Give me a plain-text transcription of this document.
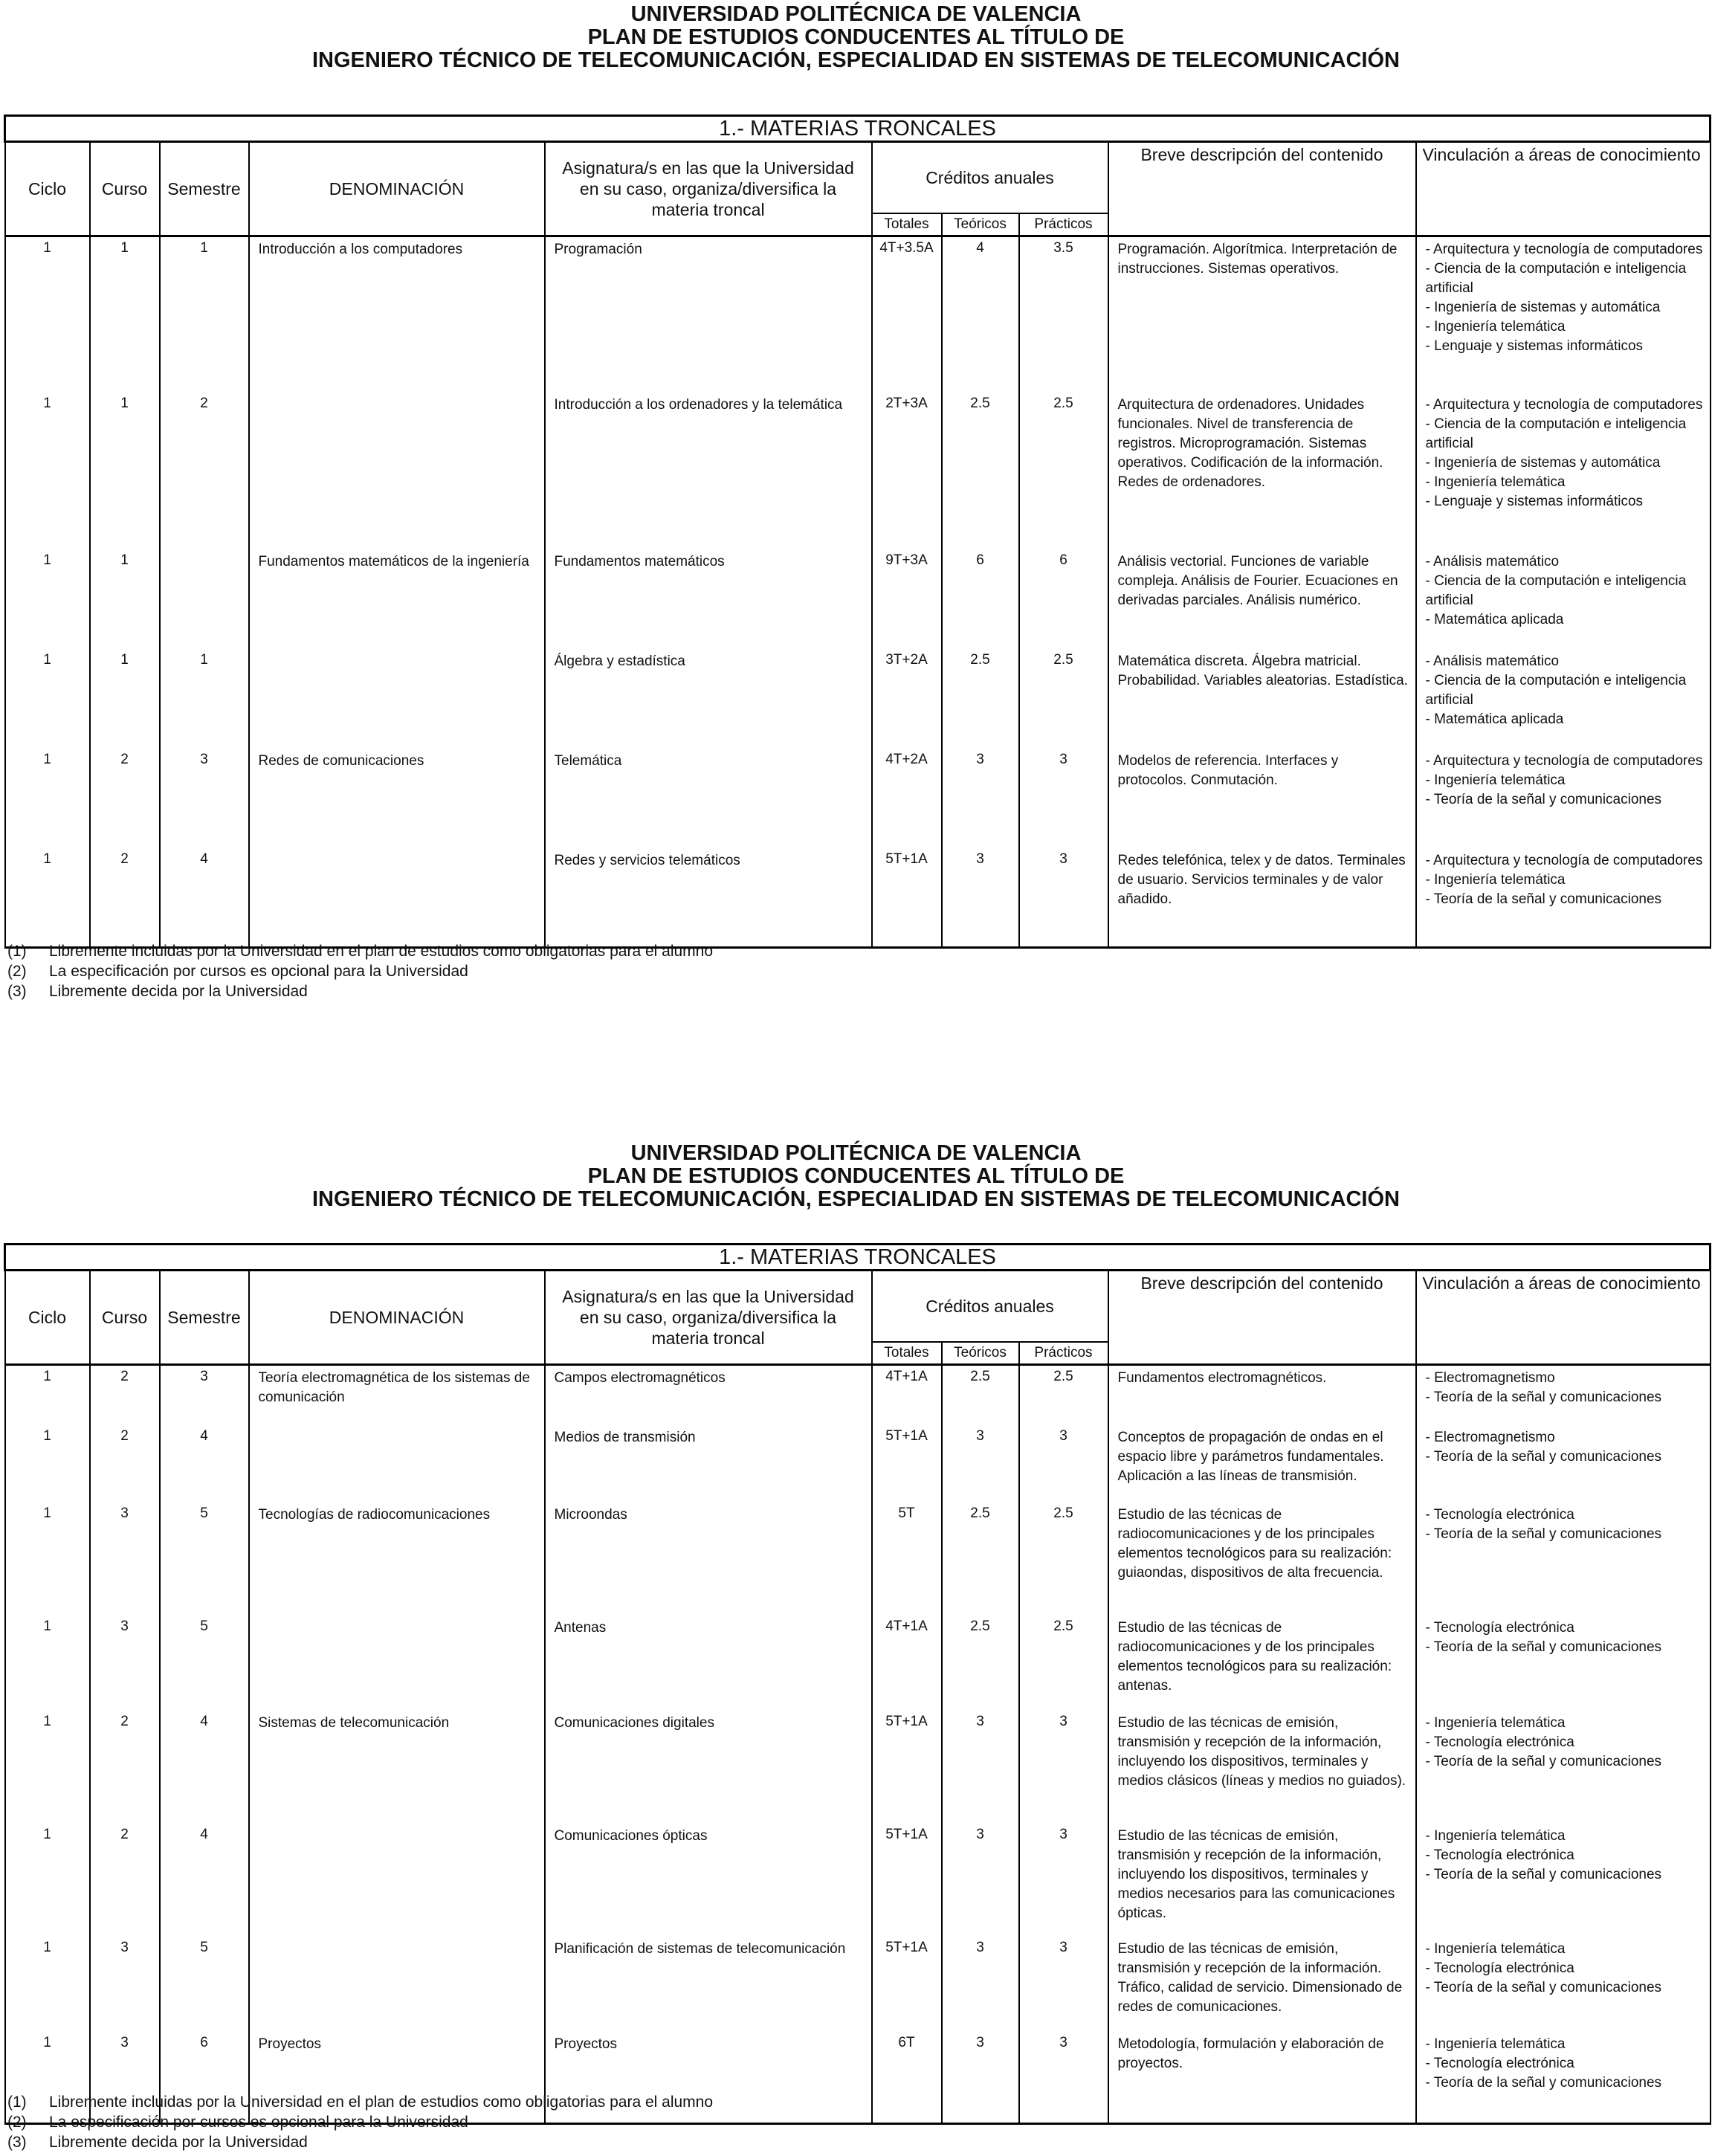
UNIVERSIDAD POLITÉCNICA DE VALENCIA
PLAN DE ESTUDIOS CONDUCENTES AL TÍTULO DE
INGENIERO TÉCNICO DE TELECOMUNICACIÓN, ESPECIALIDAD EN SISTEMAS DE TELECOMUNICACIÓN
1.- MATERIAS TRONCALES									
Ciclo	Curso	Semestre	DENOMINACIÓN	Asignatura/s en las que la Universidad en su caso, organiza/diversifica la materia troncal	Créditos anuales			Breve descripción del contenido	Vinculación a áreas de conocimiento
					Totales	Teóricos	Prácticos		
1	1	1	Introducción a los computadores	Programación	4T+3.5A	4	3.5	Programación. Algorítmica. Interpretación de instrucciones. Sistemas operativos.	- Arquitectura y tecnología de computadores
- Ciencia de la computación e inteligencia artificial
- Ingeniería de sistemas y automática
- Ingeniería telemática
- Lenguaje y sistemas informáticos
1	1	2		Introducción a los ordenadores y la telemática	2T+3A	2.5	2.5	Arquitectura de ordenadores. Unidades funcionales. Nivel de transferencia de registros. Microprogramación. Sistemas operativos. Codificación de la información. Redes de ordenadores.	- Arquitectura y tecnología de computadores
- Ciencia de la computación e inteligencia artificial
- Ingeniería de sistemas y automática
- Ingeniería telemática
- Lenguaje y sistemas informáticos
1	1		Fundamentos matemáticos de la ingeniería	Fundamentos matemáticos	9T+3A	6	6	Análisis vectorial. Funciones de variable compleja. Análisis de Fourier. Ecuaciones en derivadas parciales. Análisis numérico.	- Análisis matemático
- Ciencia de la computación e inteligencia artificial
- Matemática aplicada
1	1	1		Álgebra y estadística	3T+2A	2.5	2.5	Matemática discreta. Álgebra matricial. Probabilidad. Variables aleatorias. Estadística.	- Análisis matemático
- Ciencia de la computación e inteligencia artificial
- Matemática aplicada
1	2	3	Redes de comunicaciones	Telemática	4T+2A	3	3	Modelos de referencia. Interfaces y protocolos. Conmutación.	- Arquitectura y tecnología de computadores
- Ingeniería telemática
- Teoría de la señal y comunicaciones
1	2	4		Redes y servicios telemáticos	5T+1A	3	3	Redes telefónica, telex y de datos. Terminales de usuario. Servicios terminales y de valor añadido.	- Arquitectura y tecnología de computadores
- Ingeniería telemática
- Teoría de la señal y comunicaciones
(1) Libremente incluidas por la Universidad en el plan de estudios como obligatorias para el alumno
(2) La especificación por cursos es opcional para la Universidad
(3) Libremente decida por la Universidad
UNIVERSIDAD POLITÉCNICA DE VALENCIA
PLAN DE ESTUDIOS CONDUCENTES AL TÍTULO DE
INGENIERO TÉCNICO DE TELECOMUNICACIÓN, ESPECIALIDAD EN SISTEMAS DE TELECOMUNICACIÓN
1.- MATERIAS TRONCALES									
Ciclo	Curso	Semestre	DENOMINACIÓN	Asignatura/s en las que la Universidad en su caso, organiza/diversifica la materia troncal	Créditos anuales			Breve descripción del contenido	Vinculación a áreas de conocimiento
					Totales	Teóricos	Prácticos		
1	2	3	Teoría electromagnética de los sistemas de comunicación	Campos electromagnéticos	4T+1A	2.5	2.5	Fundamentos electromagnéticos.	- Electromagnetismo
- Teoría de la señal y comunicaciones
1	2	4		Medios de transmisión	5T+1A	3	3	Conceptos de propagación de ondas en el espacio libre y parámetros fundamentales. Aplicación a las líneas de transmisión.	- Electromagnetismo
- Teoría de la señal y comunicaciones
1	3	5	Tecnologías de radiocomunicaciones	Microondas	5T	2.5	2.5	Estudio de las técnicas de radiocomunicaciones y de los principales elementos tecnológicos para su realización: guiaondas, dispositivos de alta frecuencia.	- Tecnología electrónica
- Teoría de la señal y comunicaciones
1	3	5		Antenas	4T+1A	2.5	2.5	Estudio de las técnicas de radiocomunicaciones y de los principales elementos tecnológicos para su realización: antenas.	- Tecnología electrónica
- Teoría de la señal y comunicaciones
1	2	4	Sistemas de telecomunicación	Comunicaciones digitales	5T+1A	3	3	Estudio de las técnicas de emisión, transmisión y recepción de la información, incluyendo los dispositivos, terminales y medios clásicos (líneas y medios no guiados).	- Ingeniería telemática
- Tecnología electrónica
- Teoría de la señal y comunicaciones
1	2	4		Comunicaciones ópticas	5T+1A	3	3	Estudio de las técnicas de emisión, transmisión y recepción de la información, incluyendo los dispositivos, terminales y medios necesarios para las comunicaciones ópticas.	- Ingeniería telemática
- Tecnología electrónica
- Teoría de la señal y comunicaciones
1	3	5		Planificación de sistemas de telecomunicación	5T+1A	3	3	Estudio de las técnicas de emisión, transmisión y recepción de la información. Tráfico, calidad de servicio. Dimensionado de redes de comunicaciones.	- Ingeniería telemática
- Tecnología electrónica
- Teoría de la señal y comunicaciones
1	3	6	Proyectos	Proyectos	6T	3	3	Metodología, formulación y elaboración de proyectos.	- Ingeniería telemática
- Tecnología electrónica
- Teoría de la señal y comunicaciones
(1) Libremente incluidas por la Universidad en el plan de estudios como obligatorias para el alumno
(2) La especificación por cursos es opcional para la Universidad
(3) Libremente decida por la Universidad
